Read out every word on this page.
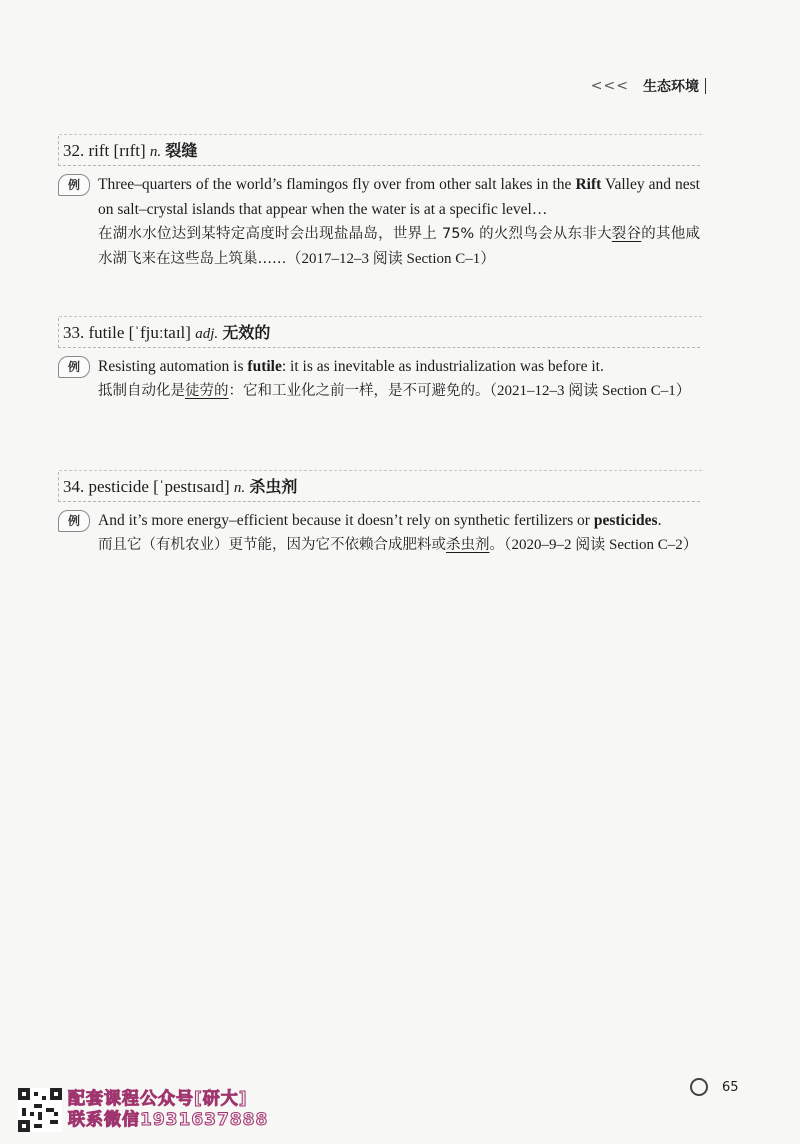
<<< 生态环境
32. rift [rɪft] n. 裂缝
例	Three–quarters of the world’s flamingos fly over from other salt lakes in the Rift Valley and nest on salt–crystal islands that appear when the water is at a specific level…
在湖水水位达到某特定高度时会出现盐晶岛，世界上 75% 的火烈鸟会从东非大裂谷的其他咸水湖飞来在这些岛上筑巢……（2017–12–3 阅读 Section C–1）
33. futile [ˈfjuːtaɪl] adj. 无效的
例	Resisting automation is futile: it is as inevitable as industrialization was before it.
抵制自动化是徒劳的：它和工业化之前一样，是不可避免的。（2021–12–3 阅读 Section C–1）
34. pesticide [ˈpestɪsaɪd] n. 杀虫剂
例	And it’s more energy–efficient because it doesn’t rely on synthetic fertilizers or pesticides.
而且它（有机农业）更节能，因为它不依赖合成肥料或杀虫剂。（2020–9–2 阅读 Section C–2）
65
配套课程公众号[研大]
联系微信1931637888
